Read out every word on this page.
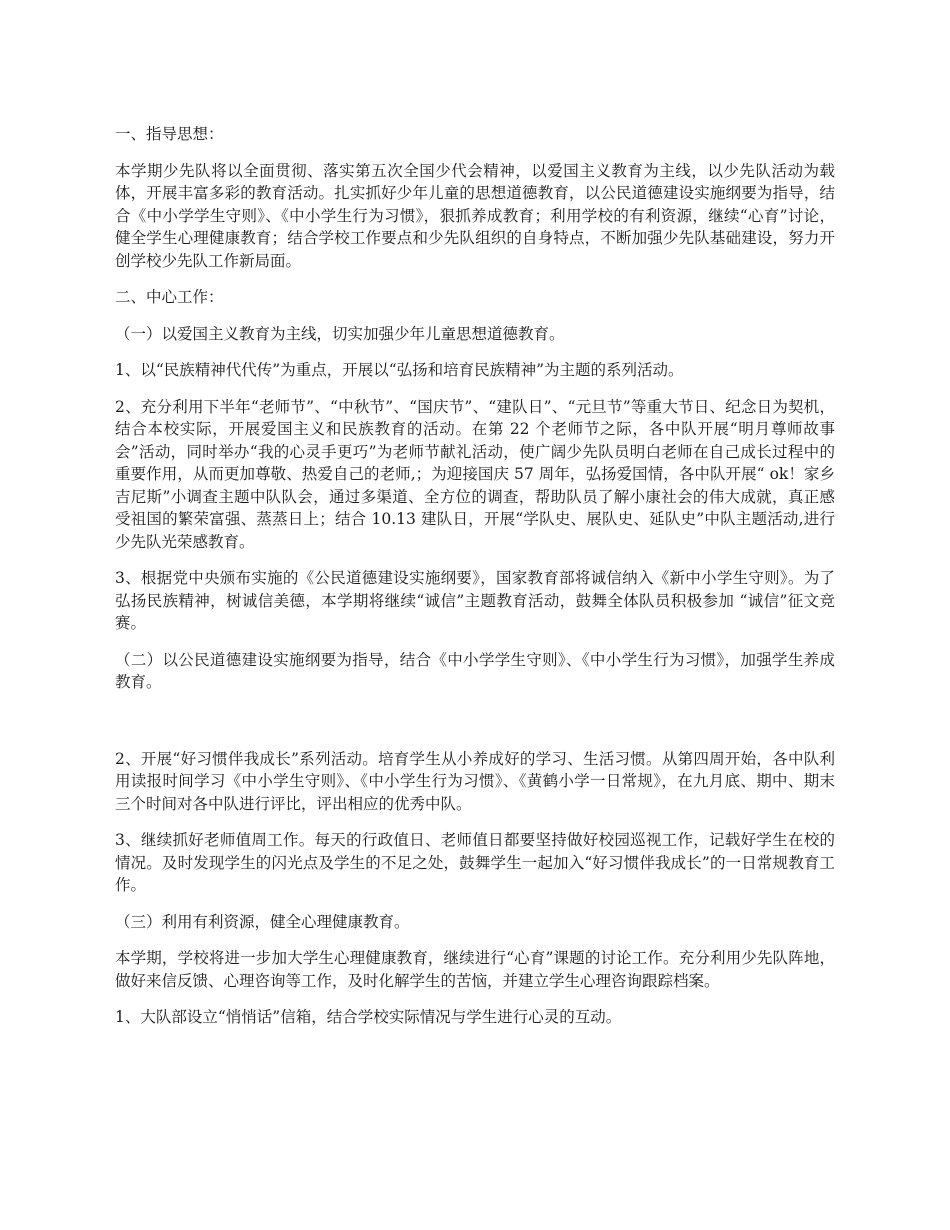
一、指导思想：

本学期少先队将以全面贯彻、落实第五次全国少代会精神，以爱国主义教育为主线，以少先队活动为载体，开展丰富多彩的教育活动。扎实抓好少年儿童的思想道德教育，以公民道德建设实施纲要为指导，结合《中小学学生守则》、《中小学生行为习惯》，狠抓养成教育；利用学校的有利资源，继续“心育”讨论，健全学生心理健康教育；结合学校工作要点和少先队组织的自身特点，不断加强少先队基础建设，努力开创学校少先队工作新局面。

二、中心工作：

（一）以爱国主义教育为主线，切实加强少年儿童思想道德教育。

1、以“民族精神代代传”为重点，开展以“弘扬和培育民族精神”为主题的系列活动。

2、充分利用下半年“老师节”、“中秋节”、“国庆节”、“建队日”、“元旦节”等重大节日、纪念日为契机，结合本校实际，开展爱国主义和民族教育的活动。在第 22 个老师节之际，各中队开展“明月尊师故事会”活动，同时举办“我的心灵手更巧”为老师节献礼活动，使广阔少先队员明白老师在自己成长过程中的重要作用，从而更加尊敬、热爱自己的老师,；为迎接国庆 57 周年，弘扬爱国情，各中队开展“ ok！家乡吉尼斯”小调查主题中队队会，通过多渠道、全方位的调查，帮助队员了解小康社会的伟大成就，真正感受祖国的繁荣富强、蒸蒸日上；结合 10.13 建队日，开展“学队史、展队史、延队史”中队主题活动,进行少先队光荣感教育。

3、根据党中央颁布实施的《公民道德建设实施纲要》，国家教育部将诚信纳入《新中小学生守则》。为了弘扬民族精神，树诚信美德，本学期将继续“诚信”主题教育活动，鼓舞全体队员积极参加 “诚信”征文竞赛。

（二）以公民道德建设实施纲要为指导，结合《中小学学生守则》、《中小学生行为习惯》，加强学生养成教育。

2、开展“好习惯伴我成长”系列活动。培育学生从小养成好的学习、生活习惯。从第四周开始，各中队利用读报时间学习《中小学生守则》、《中小学生行为习惯》、《黄鹤小学一日常规》，在九月底、期中、期末三个时间对各中队进行评比，评出相应的优秀中队。

3、继续抓好老师值周工作。每天的行政值日、老师值日都要坚持做好校园巡视工作，记载好学生在校的情况。及时发现学生的闪光点及学生的不足之处，鼓舞学生一起加入“好习惯伴我成长”的一日常规教育工作。

（三）利用有利资源，健全心理健康教育。

本学期，学校将进一步加大学生心理健康教育，继续进行“心育”课题的讨论工作。充分利用少先队阵地，做好来信反馈、心理咨询等工作，及时化解学生的苦恼，并建立学生心理咨询跟踪档案。

1、大队部设立“悄悄话”信箱，结合学校实际情况与学生进行心灵的互动。
